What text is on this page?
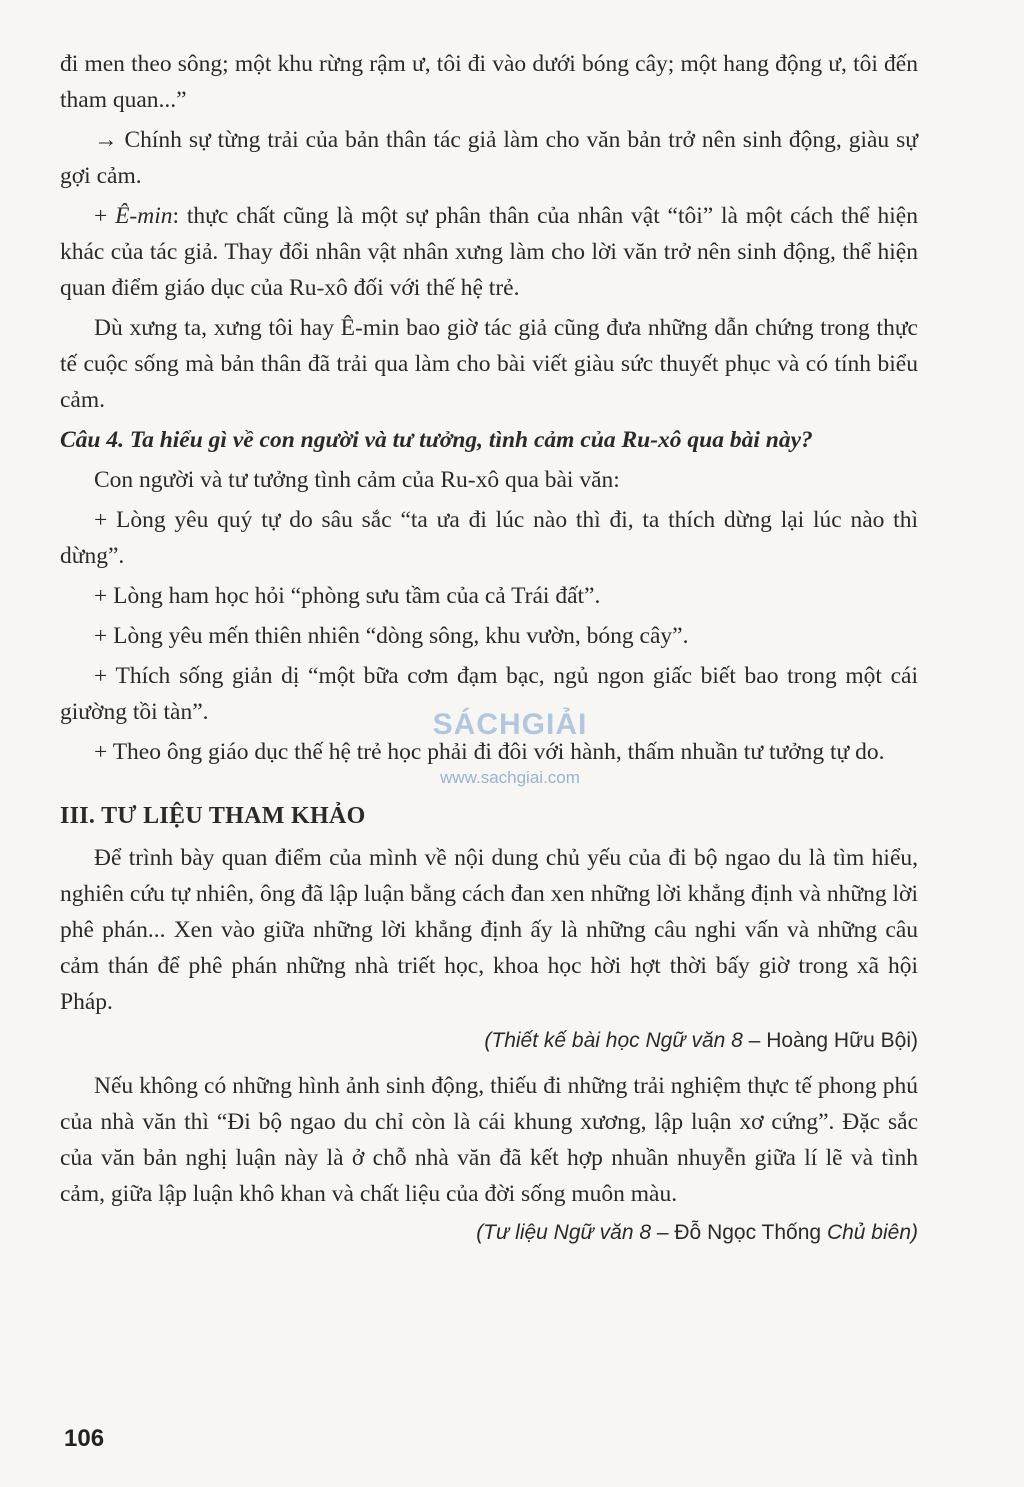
đi men theo sông; một khu rừng rậm ư, tôi đi vào dưới bóng cây; một hang động ư, tôi đến tham quan...”

→ Chính sự từng trải của bản thân tác giả làm cho văn bản trở nên sinh động, giàu sự gợi cảm.

+ Ê-min: thực chất cũng là một sự phân thân của nhân vật “tôi” là một cách thể hiện khác của tác giả. Thay đổi nhân vật nhân xưng làm cho lời văn trở nên sinh động, thể hiện quan điểm giáo dục của Ru-xô đối với thế hệ trẻ.

Dù xưng ta, xưng tôi hay Ê-min bao giờ tác giả cũng đưa những dẫn chứng trong thực tế cuộc sống mà bản thân đã trải qua làm cho bài viết giàu sức thuyết phục và có tính biểu cảm.

Câu 4. Ta hiểu gì về con người và tư tưởng, tình cảm của Ru-xô qua bài này?

Con người và tư tưởng tình cảm của Ru-xô qua bài văn:

+ Lòng yêu quý tự do sâu sắc “ta ưa đi lúc nào thì đi, ta thích dừng lại lúc nào thì dừng”.

+ Lòng ham học hỏi “phòng sưu tầm của cả Trái đất”.

+ Lòng yêu mến thiên nhiên “dòng sông, khu vườn, bóng cây”.

+ Thích sống giản dị “một bữa cơm đạm bạc, ngủ ngon giấc biết bao trong một cái giường tồi tàn”.

+ Theo ông giáo dục thế hệ trẻ học phải đi đôi với hành, thấm nhuần tư tưởng tự do.

III. TƯ LIỆU THAM KHẢO

Để trình bày quan điểm của mình về nội dung chủ yếu của đi bộ ngao du là tìm hiểu, nghiên cứu tự nhiên, ông đã lập luận bằng cách đan xen những lời khẳng định và những lời phê phán... Xen vào giữa những lời khẳng định ấy là những câu nghi vấn và những câu cảm thán để phê phán những nhà triết học, khoa học hời hợt thời bấy giờ trong xã hội Pháp.

(Thiết kế bài học Ngữ văn 8 – Hoàng Hữu Bội)

Nếu không có những hình ảnh sinh động, thiếu đi những trải nghiệm thực tế phong phú của nhà văn thì “Đi bộ ngao du chỉ còn là cái khung xương, lập luận xơ cứng”. Đặc sắc của văn bản nghị luận này là ở chỗ nhà văn đã kết hợp nhuần nhuyễn giữa lí lẽ và tình cảm, giữa lập luận khô khan và chất liệu của đời sống muôn màu.

(Tư liệu Ngữ văn 8 – Đỗ Ngọc Thống Chủ biên)

SÁCHGIẢI
www.sachgiai.com
106
